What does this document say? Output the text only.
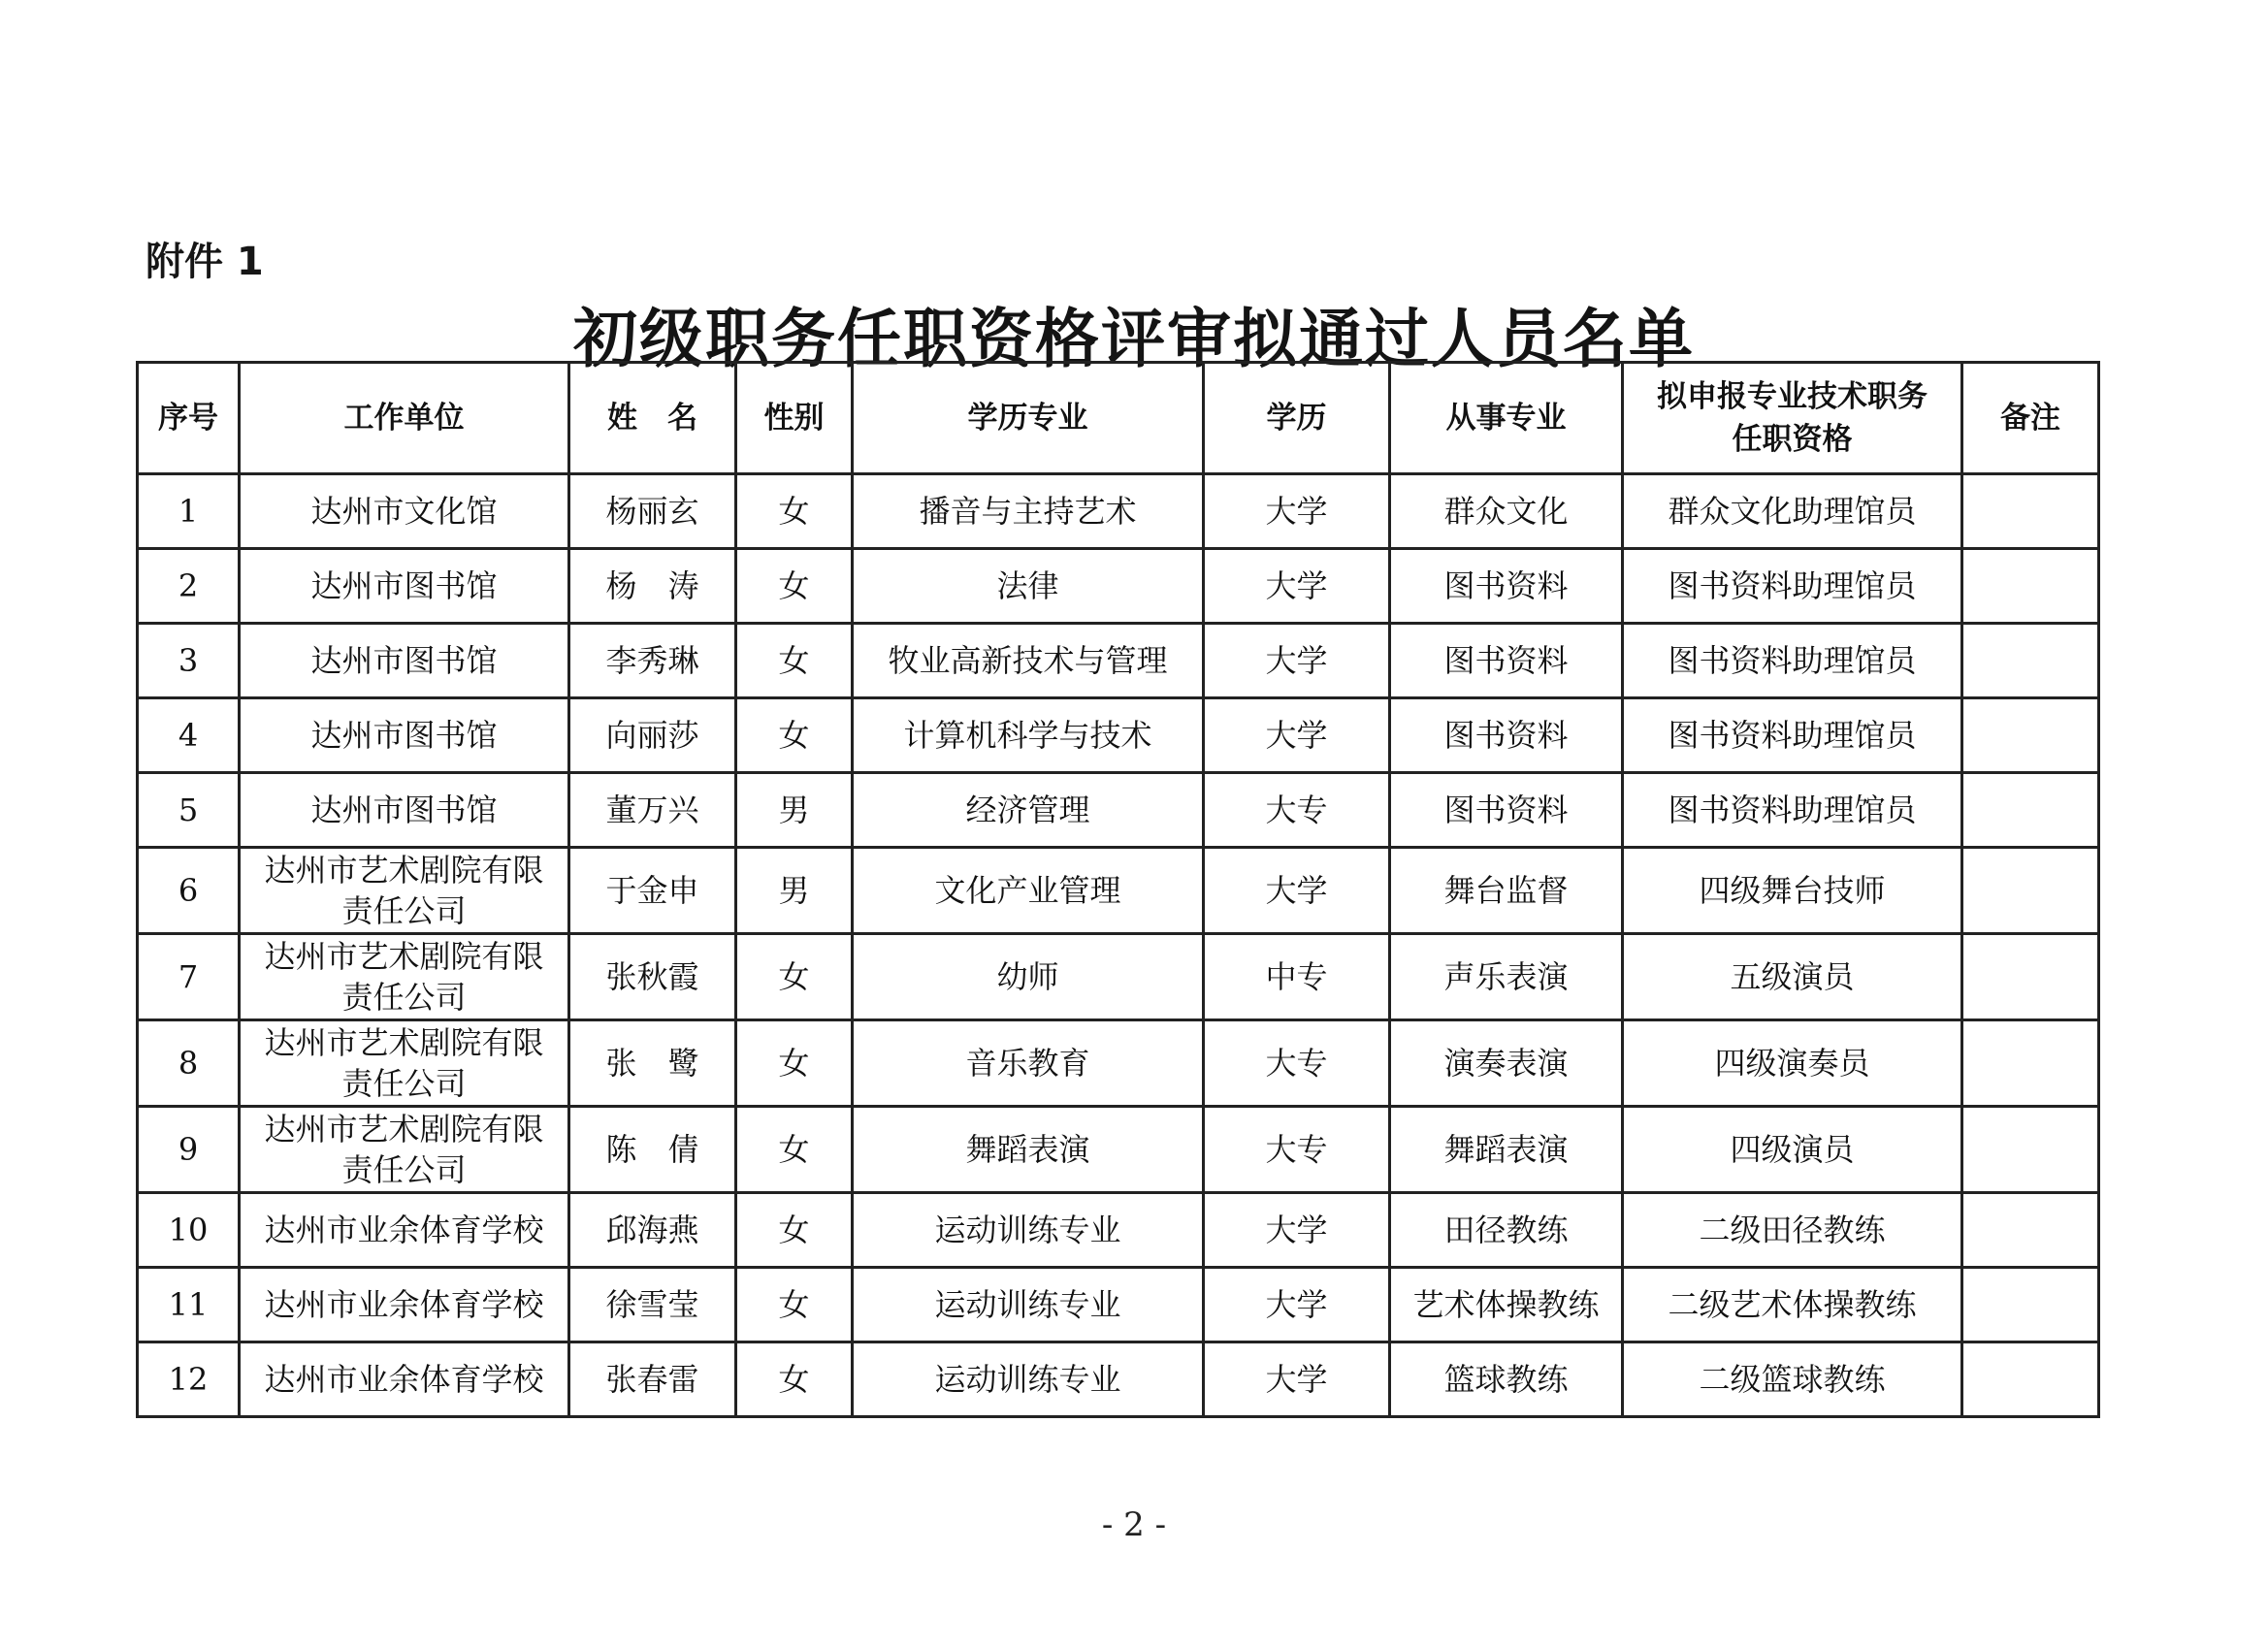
附件 1
初级职务任职资格评审拟通过人员名单
序号	工作单位	姓　名	性别	学历专业	学历	从事专业	拟申报专业技术职务
任职资格	备注
1	达州市文化馆	杨丽玄	女	播音与主持艺术	大学	群众文化	群众文化助理馆员	
2	达州市图书馆	杨　涛	女	法律	大学	图书资料	图书资料助理馆员	
3	达州市图书馆	李秀琳	女	牧业高新技术与管理	大学	图书资料	图书资料助理馆员	
4	达州市图书馆	向丽莎	女	计算机科学与技术	大学	图书资料	图书资料助理馆员	
5	达州市图书馆	董万兴	男	经济管理	大专	图书资料	图书资料助理馆员	
6	达州市艺术剧院有限
责任公司	于金申	男	文化产业管理	大学	舞台监督	四级舞台技师	
7	达州市艺术剧院有限
责任公司	张秋霞	女	幼师	中专	声乐表演	五级演员	
8	达州市艺术剧院有限
责任公司	张　鹭	女	音乐教育	大专	演奏表演	四级演奏员	
9	达州市艺术剧院有限
责任公司	陈　倩	女	舞蹈表演	大专	舞蹈表演	四级演员	
10	达州市业余体育学校	邱海燕	女	运动训练专业	大学	田径教练	二级田径教练	
11	达州市业余体育学校	徐雪莹	女	运动训练专业	大学	艺术体操教练	二级艺术体操教练	
12	达州市业余体育学校	张春雷	女	运动训练专业	大学	篮球教练	二级篮球教练	
- 2 -
